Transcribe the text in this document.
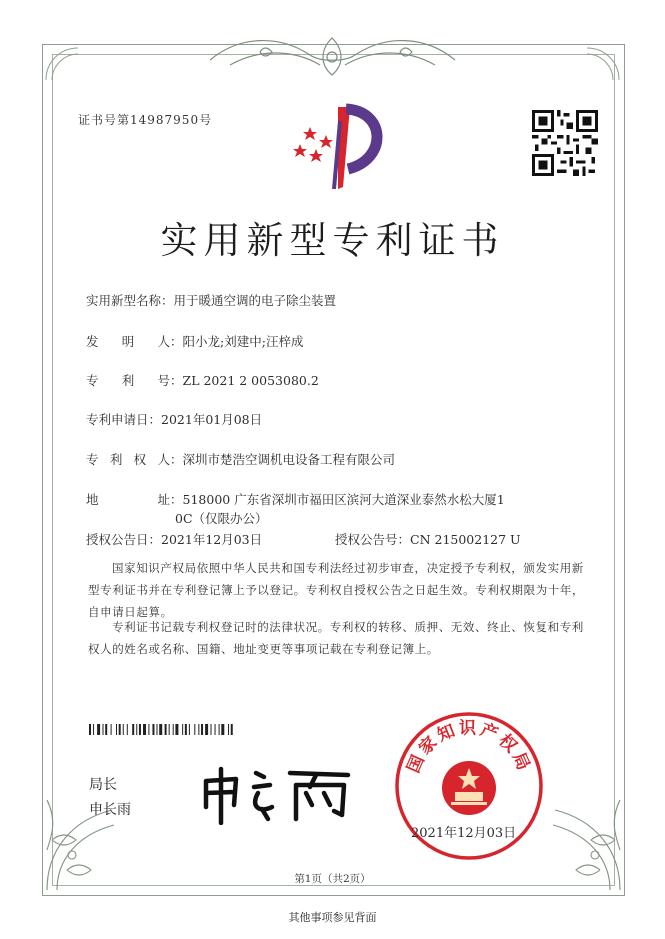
证书号第14987950号
实用新型专利证书
实用新型名称：用于暖通空调的电子除尘装置
发 明 人 ：阳小龙;刘建中;汪梓成
专 利 号 ：ZL 2021 2 0053080.2
专利申请日：2021年01月08日
专 利 权 人 ：深圳市楚浩空调机电设备工程有限公司
地	址 ：518000 广东省深圳市福田区滨河大道深业泰然水松大厦1
0C（仅限办公）
授权公告日：2021年12月03日	授权公告号：CN 215002127 U
国家知识产权局依照中华人民共和国专利法经过初步审查，决定授予专利权，颁发实用新型专利证书并在专利登记簿上予以登记。专利权自授权公告之日起生效。专利权期限为十年，自申请日起算。
专利证书记载专利权登记时的法律状况。专利权的转移、质押、无效、终止、恢复和专利权人的姓名或名称、国籍、地址变更等事项记载在专利登记簿上。
局长
申长雨
国家知识产权局
2021年12月03日
第1页（共2页）
其他事项参见背面
